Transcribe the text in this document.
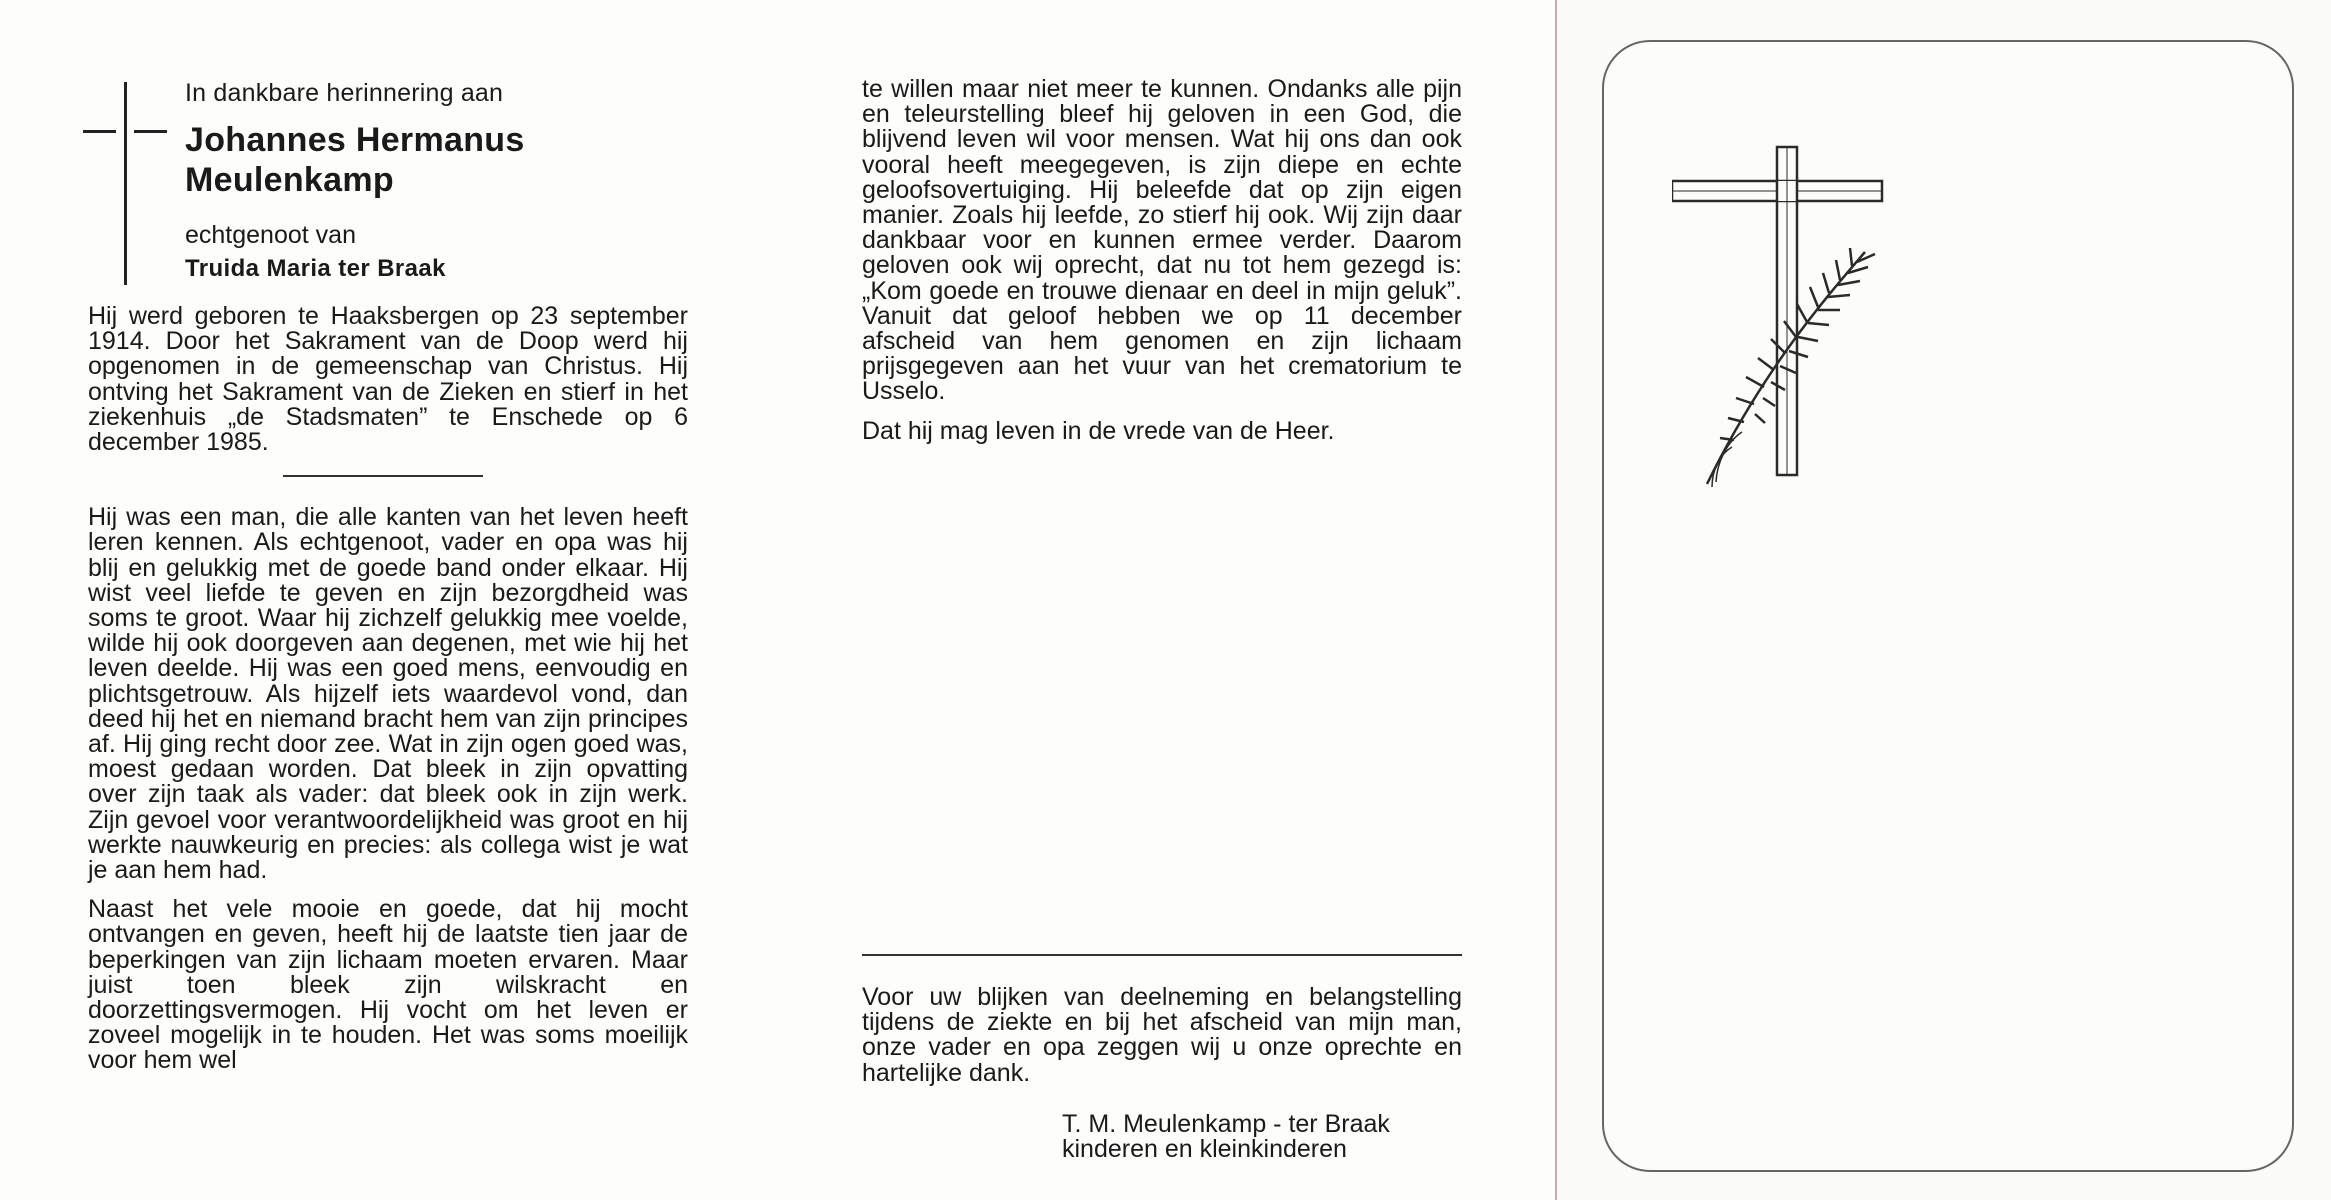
In dankbare herinnering aan

Johannes Hermanus
Meulenkamp

echtgenoot van

Truida Maria ter Braak

Hij werd geboren te Haaksbergen op 23 september 1914. Door het Sakrament van de Doop werd hij opgenomen in de gemeenschap van Christus. Hij ontving het Sakrament van de Zieken en stierf in het ziekenhuis „de Stadsmaten” te Enschede op 6 december 1985.

Hij was een man, die alle kanten van het leven heeft leren kennen. Als echtgenoot, vader en opa was hij blij en gelukkig met de goede band onder elkaar. Hij wist veel liefde te geven en zijn bezorgdheid was soms te groot. Waar hij zichzelf gelukkig mee voelde, wilde hij ook doorgeven aan degenen, met wie hij het leven deelde. Hij was een goed mens, eenvoudig en plichtsgetrouw. Als hijzelf iets waardevol vond, dan deed hij het en niemand bracht hem van zijn principes af. Hij ging recht door zee. Wat in zijn ogen goed was, moest gedaan worden. Dat bleek in zijn opvatting over zijn taak als vader: dat bleek ook in zijn werk. Zijn gevoel voor verantwoordelijkheid was groot en hij werkte nauwkeurig en precies: als collega wist je wat je aan hem had.

Naast het vele mooie en goede, dat hij mocht ontvangen en geven, heeft hij de laatste tien jaar de beperkingen van zijn lichaam moeten ervaren. Maar juist toen bleek zijn wilskracht en doorzettingsvermogen. Hij vocht om het leven er zoveel mogelijk in te houden. Het was soms moeilijk voor hem wel

te willen maar niet meer te kunnen. Ondanks alle pijn en teleurstelling bleef hij geloven in een God, die blijvend leven wil voor mensen. Wat hij ons dan ook vooral heeft meegegeven, is zijn diepe en echte geloofsovertuiging. Hij beleefde dat op zijn eigen manier. Zoals hij leefde, zo stierf hij ook. Wij zijn daar dankbaar voor en kunnen ermee verder. Daarom geloven ook wij oprecht, dat nu tot hem gezegd is: „Kom goede en trouwe dienaar en deel in mijn geluk”. Vanuit dat geloof hebben we op 11 december afscheid van hem genomen en zijn lichaam prijsgegeven aan het vuur van het crematorium te Usselo.

Dat hij mag leven in de vrede van de Heer.

Voor uw blijken van deelneming en belangstelling tijdens de ziekte en bij het afscheid van mijn man, onze vader en opa zeggen wij u onze oprechte en hartelijke dank.

T. M. Meulenkamp - ter Braak

kinderen en kleinkinderen
